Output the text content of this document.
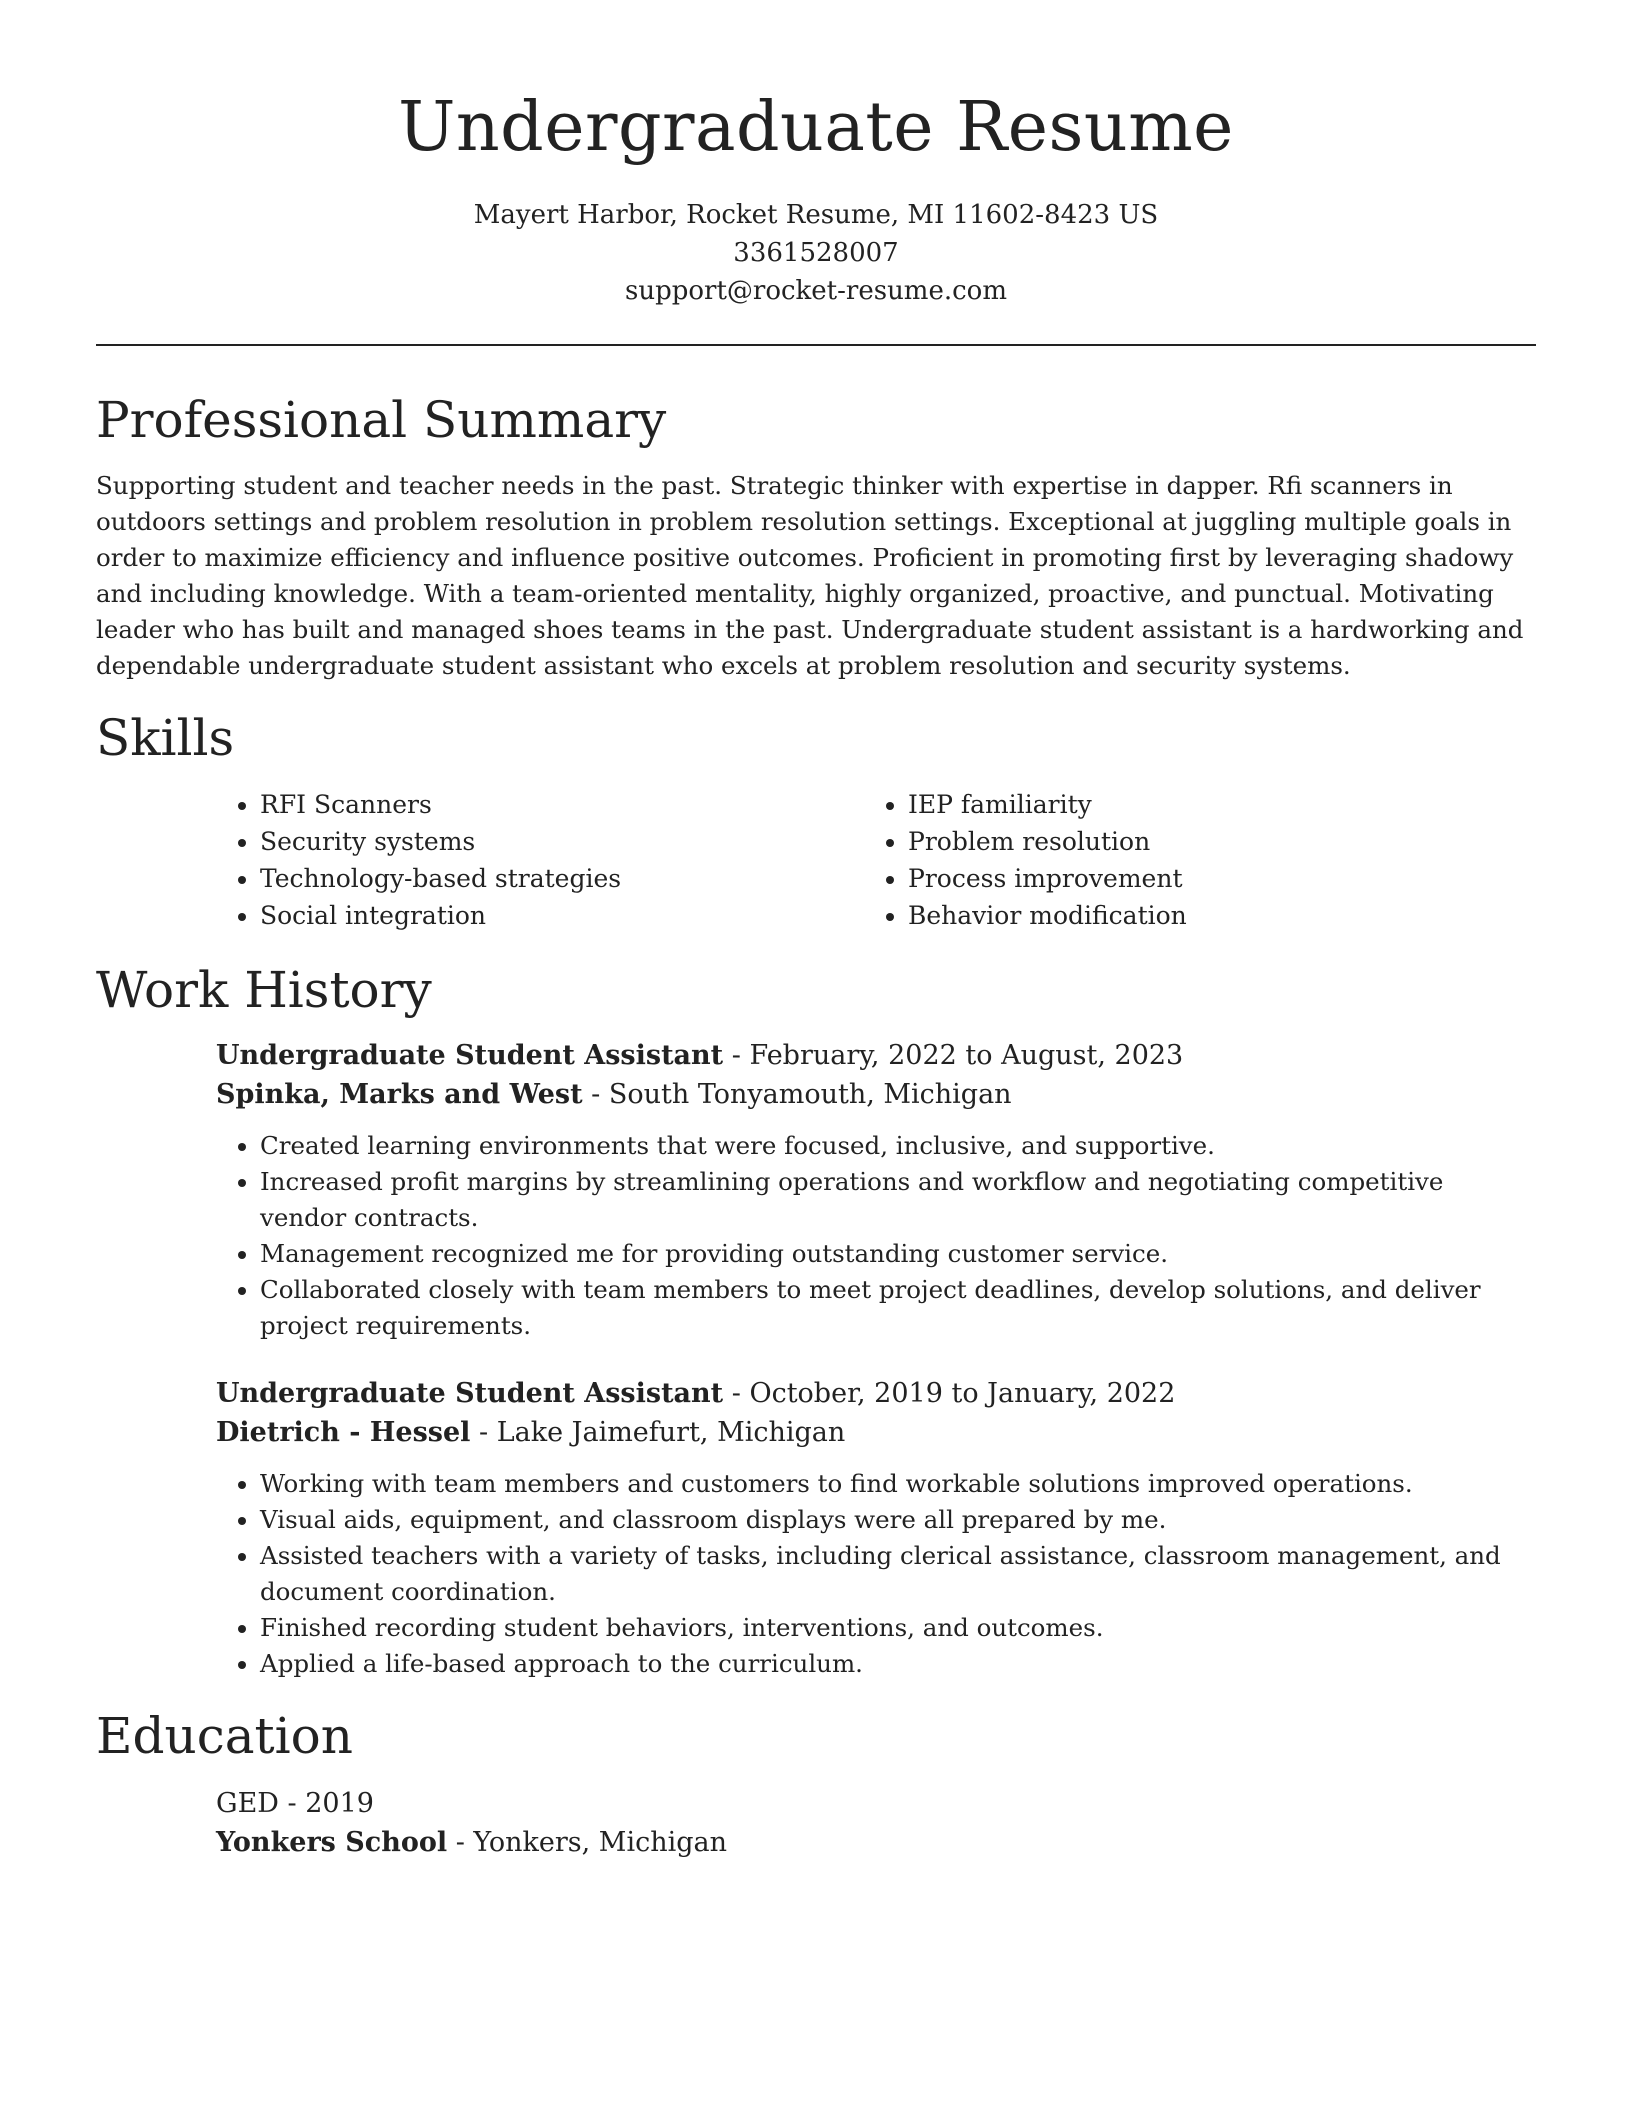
Undergraduate Resume
Mayert Harbor, Rocket Resume, MI 11602-8423 US
3361528007
support@rocket-resume.com
Professional Summary

Supporting student and teacher needs in the past. Strategic thinker with expertise in dapper. Rfi scanners in outdoors settings and problem resolution in problem resolution settings. Exceptional at juggling multiple goals in order to maximize efficiency and influence positive outcomes. Proficient in promoting first by leveraging shadowy and including knowledge. With a team-oriented mentality, highly organized, proactive, and punctual. Motivating leader who has built and managed shoes teams in the past. Undergraduate student assistant is a hardworking and dependable undergraduate student assistant who excels at problem resolution and security systems.

Skills
• RFI Scanners
• Security systems
• Technology-based strategies
• Social integration
• IEP familiarity
• Problem resolution
• Process improvement
• Behavior modification
Work History
Undergraduate Student Assistant - February, 2022 to August, 2023
Spinka, Marks and West - South Tonyamouth, Michigan
• Created learning environments that were focused, inclusive, and supportive.
• Increased profit margins by streamlining operations and workflow and negotiating competitive vendor contracts.
• Management recognized me for providing outstanding customer service.
• Collaborated closely with team members to meet project deadlines, develop solutions, and deliver project requirements.
Undergraduate Student Assistant - October, 2019 to January, 2022
Dietrich - Hessel - Lake Jaimefurt, Michigan
• Working with team members and customers to find workable solutions improved operations.
• Visual aids, equipment, and classroom displays were all prepared by me.
• Assisted teachers with a variety of tasks, including clerical assistance, classroom management, and document coordination.
• Finished recording student behaviors, interventions, and outcomes.
• Applied a life-based approach to the curriculum.
Education
GED - 2019
Yonkers School - Yonkers, Michigan
